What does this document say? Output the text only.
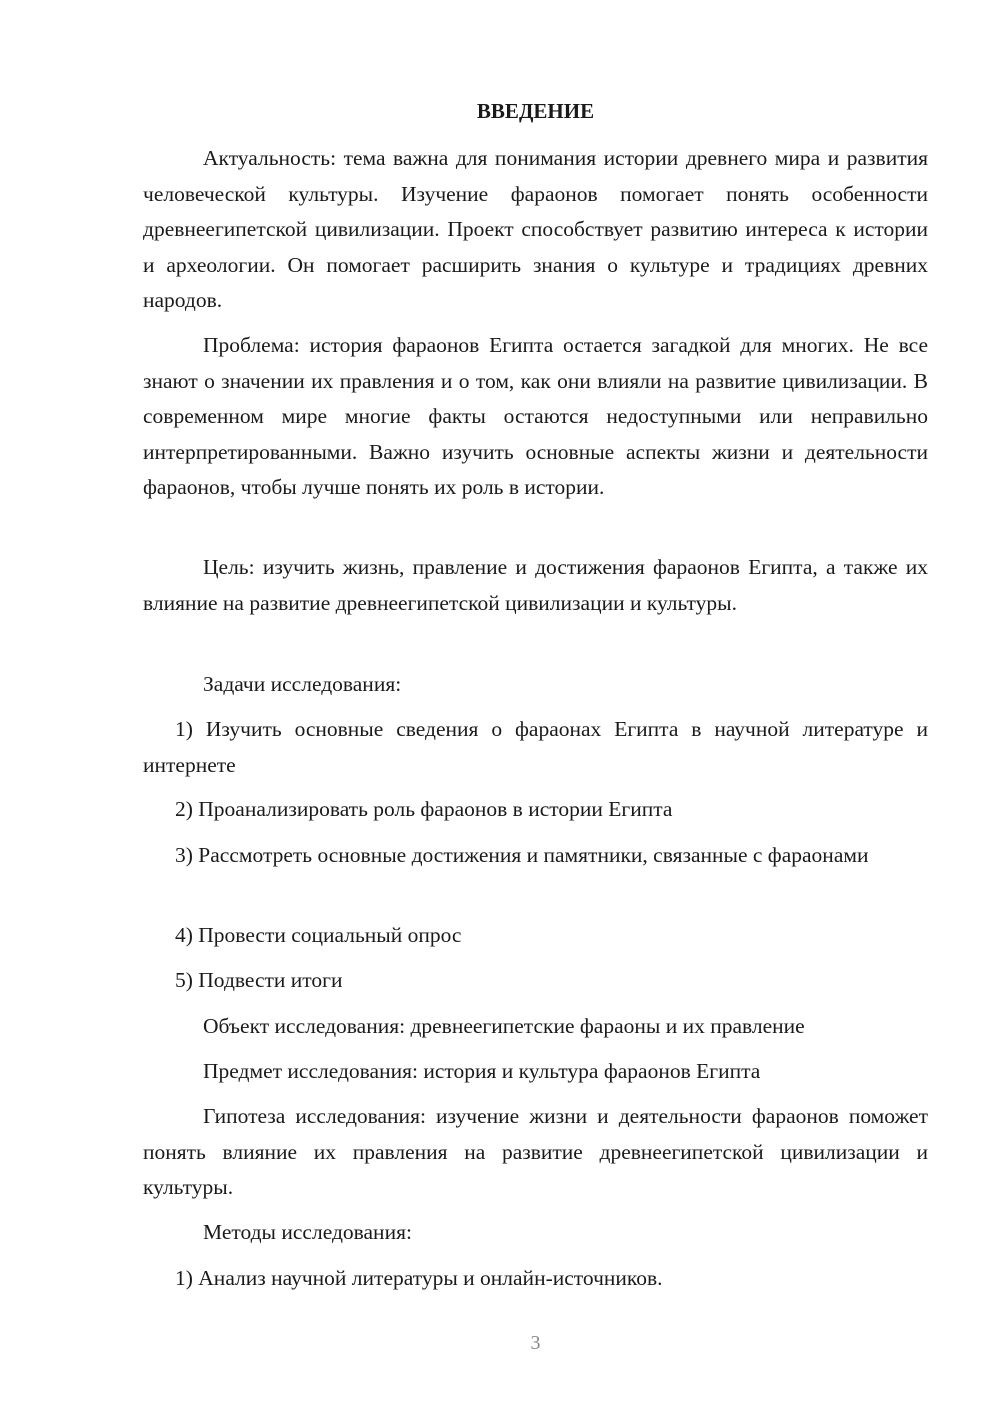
ВВЕДЕНИЕ

Актуальность: тема важна для понимания истории древнего мира и развития человеческой культуры. Изучение фараонов помогает понять особенности древнеегипетской цивилизации. Проект способствует развитию интереса к истории и археологии. Он помогает расширить знания о культуре и традициях древних народов.

Проблема: история фараонов Египта остается загадкой для многих. Не все знают о значении их правления и о том, как они влияли на развитие цивилизации. В современном мире многие факты остаются недоступными или неправильно интерпретированными. Важно изучить основные аспекты жизни и деятельности фараонов, чтобы лучше понять их роль в истории.

Цель: изучить жизнь, правление и достижения фараонов Египта, а также их влияние на развитие древнеегипетской цивилизации и культуры.

Задачи исследования:

1) Изучить основные сведения о фараонах Египта в научной литературе и интернете

2) Проанализировать роль фараонов в истории Египта

3) Рассмотреть основные достижения и памятники, связанные с фараонами

4) Провести социальный опрос

5) Подвести итоги

Объект исследования: древнеегипетские фараоны и их правление

Предмет исследования: история и культура фараонов Египта

Гипотеза исследования: изучение жизни и деятельности фараонов поможет понять влияние их правления на развитие древнеегипетской цивилизации и культуры.

Методы исследования:

1) Анализ научной литературы и онлайн-источников.

3
